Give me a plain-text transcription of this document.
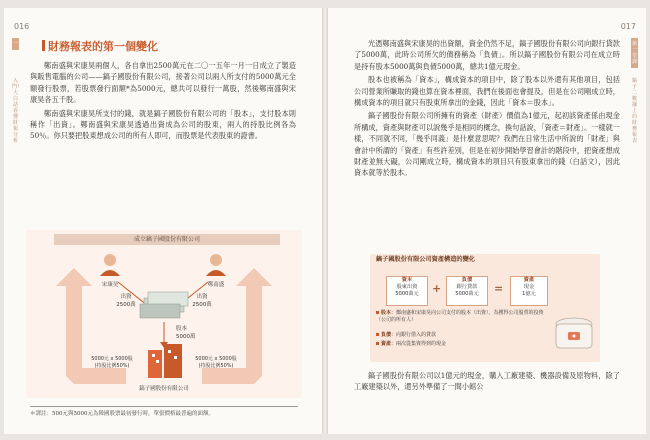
016
一
入門！大白話看懂財報分析
財務報表的第一個變化

鄭南盛與宋康昊兩個人，各自拿出2500萬元在二〇一五年一月一日成立了製造與販售電腦的公司——鎬子國股份有限公司，接著公司以兩人所支付的5000萬元全額發行股票，若股票發行面額*為5000元，總共可以發行一萬股，然後鄭南盛與宋康昊各五千股。

鄭南盛與宋康昊所支付的錢，就是鎬子國股份有限公司的「股本」，支付股本則稱作「出資」。鄭南盛與宋康昊透過出資成為公司的股東，兩人的持股比例各為50％。你只要把股東想成公司的所有人即可，而股票是代表股東的證書。

成立鎬子國股份有限公司
宋康昊	鄭南盛
出資
2500萬
出資
2500萬
股本
5000萬
5000元 x 5000股
(持股比例50%)
5000元 x 5000股
(持股比例50%)
鎬子國股份有限公司
＊譯註：500元與5000元為韓國股票最初發行時，單張價格最普遍的面額。
017
第一堂課
鎬子二 數據上的財務報表

光憑鄭南盛與宋康昊的出資額，資金仍然不足，鎬子國股份有限公司向銀行貸款了5000萬，此時公司所欠的債務稱為「負債」。所以鎬子國股份有限公司在成立時是持有股本5000萬與負債5000萬，總共1億元現金。

股本也被稱為「資本」，構成資本的項目中，除了股本以外還有其他項目，包括公司營業所賺取的錢也算在資本裡面，我們在後面也會提及，但是在公司剛成立時，構成資本的項目就只有股東所拿出的金錢，因此「資本＝股本」。

鎬子國股份有限公司所擁有的資產（財產）價值為1億元，起初該資產係由現金所構成，資產與財產可以說幾乎是相同的概念，換句話說，「資產＝財產」。一樣就一樣，不同就不同，「幾乎同義」是什麼意思呢？我們在日常生活中所說的「財產」與會計中所謂的「資產」有些許差別，但是在初步開始學習會計的階段中，把資產想成財產並無大礙，公司剛成立時，構成資本的項目只有股東拿出的錢（白話文），因此資本就等於股本。

鎬子國股份有限公司資產構造的變化
資本
股東出資
5000萬元	+
負債
銀行貸款
5000萬元	=
資產
現金
1億元
股本：鄭南盛和宋康昊向公司支付的股本（出資），為獲得公司股票的投資（公司的所有人）
負債：向銀行借入的貸款
資產：兩次從集資得到的現金

鎬子國股份有限公司以1億元的現金，購入工廠建築、機器設備及原物料，除了工廠建築以外，還另外準備了一間小館公
